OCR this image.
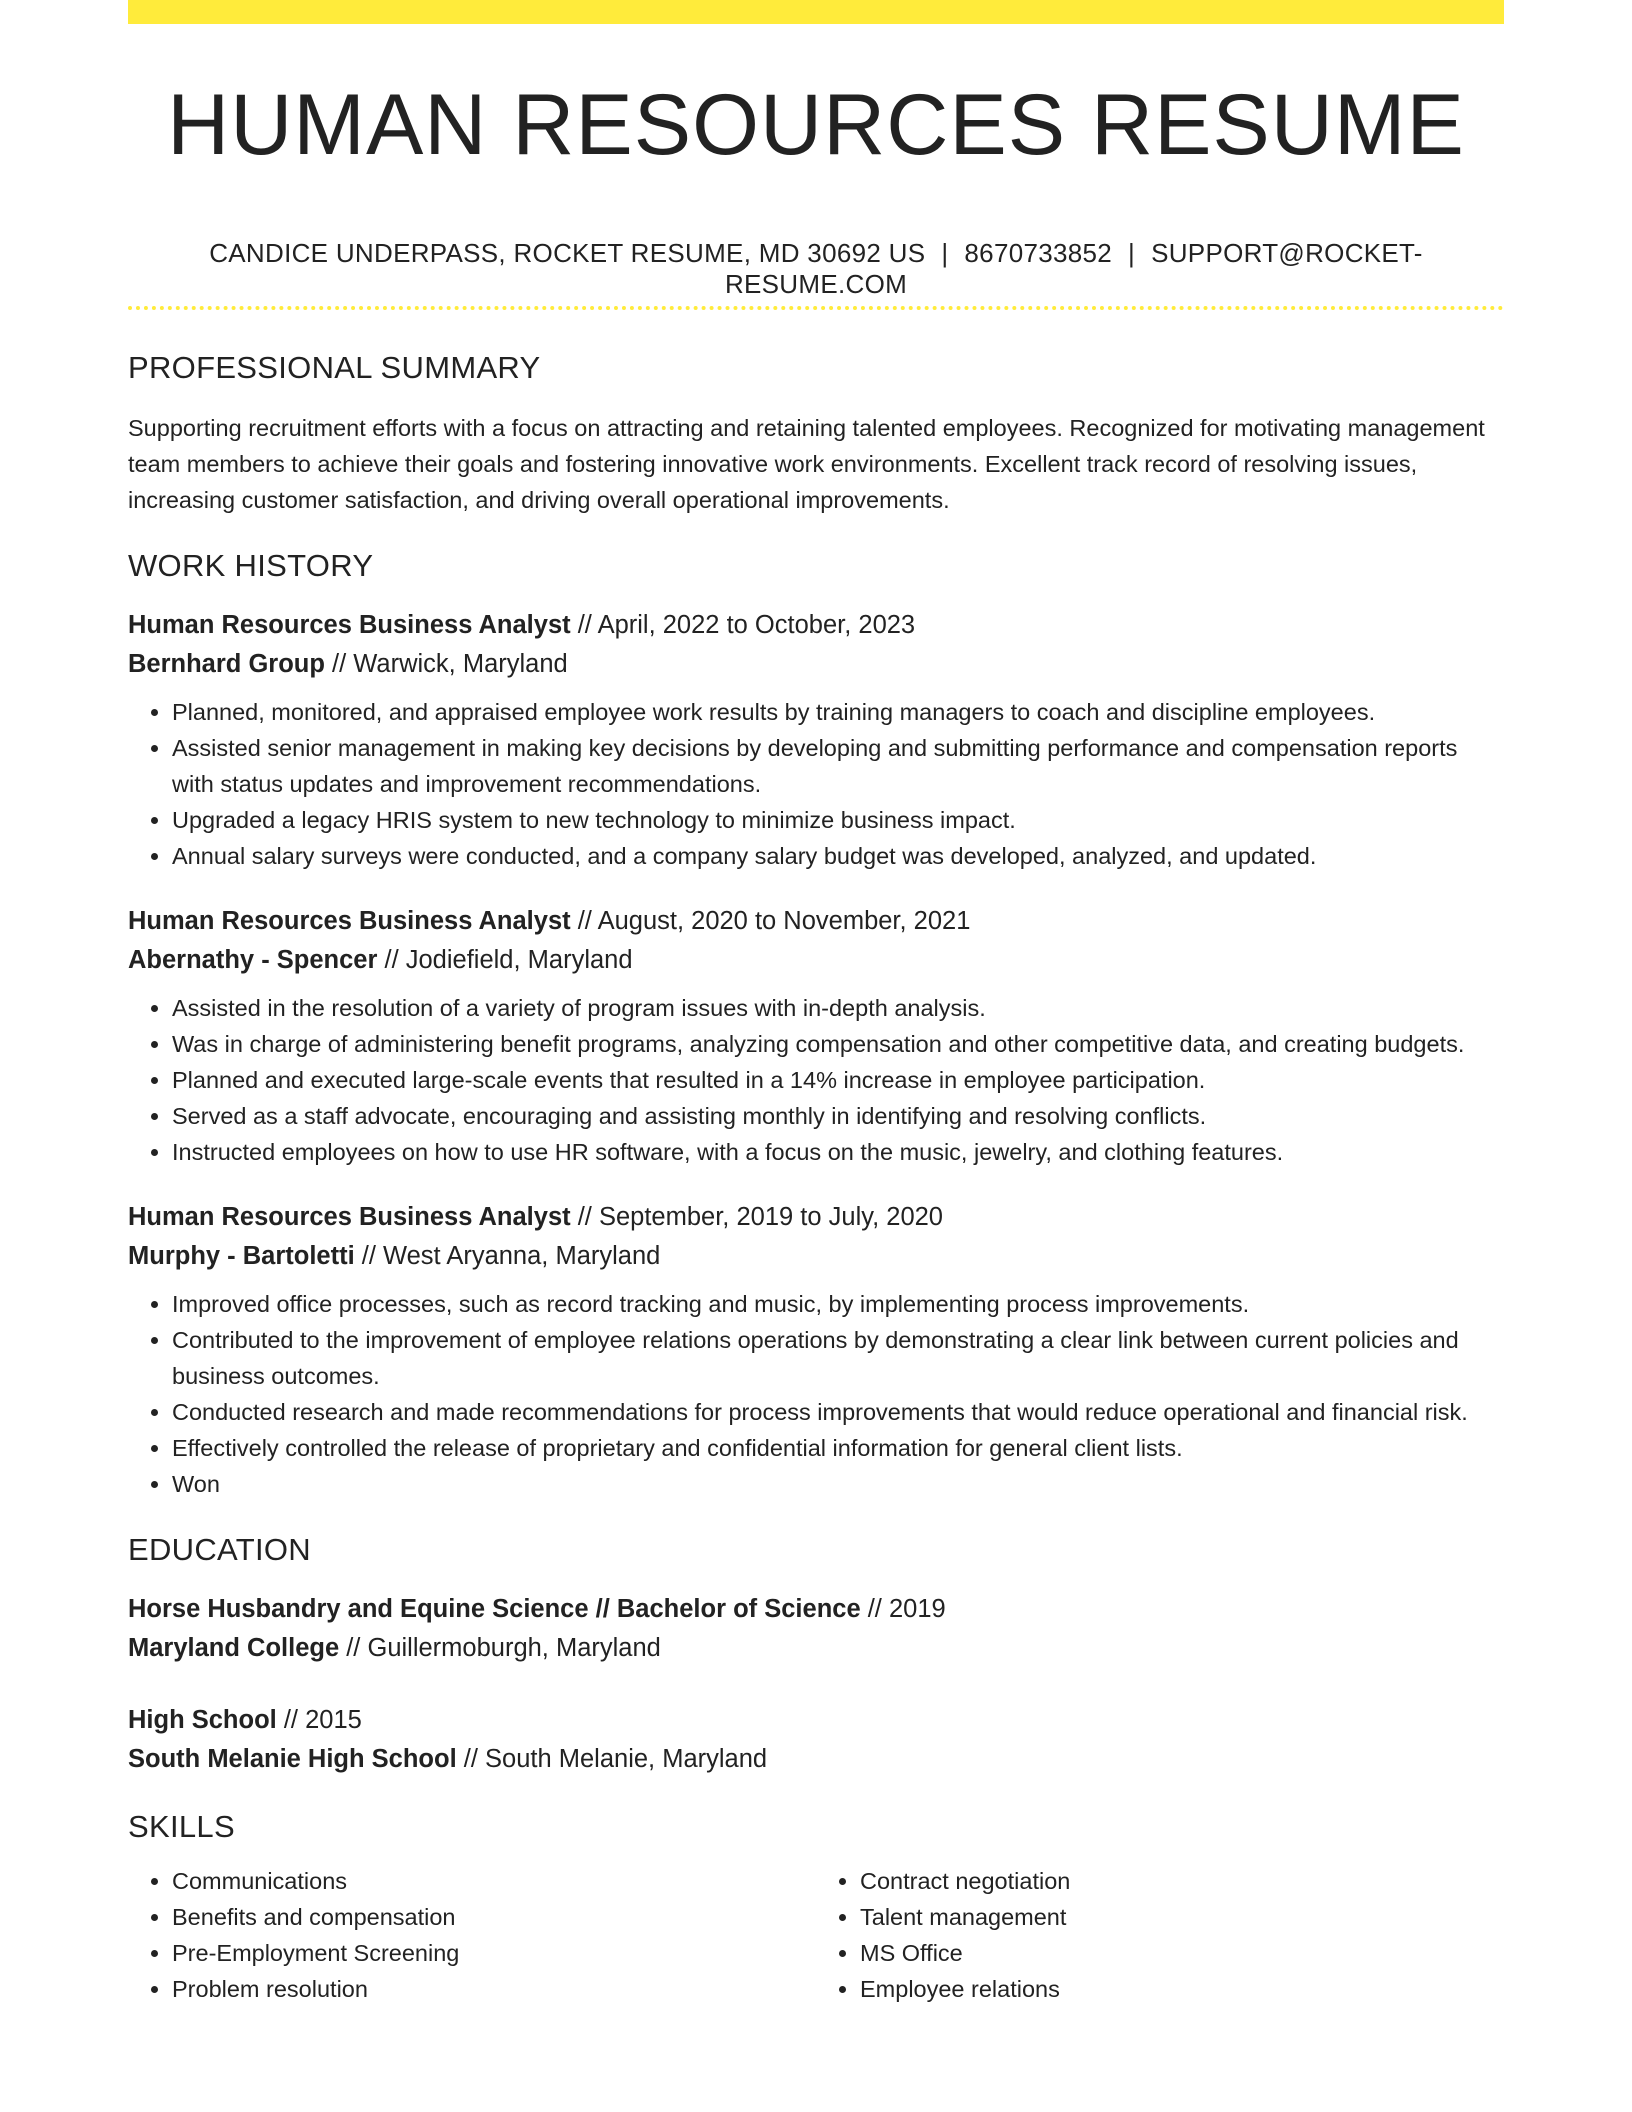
HUMAN RESOURCES RESUME
CANDICE UNDERPASS, ROCKET RESUME, MD 30692 US | 8670733852 | SUPPORT@ROCKET-RESUME.COM
PROFESSIONAL SUMMARY

Supporting recruitment efforts with a focus on attracting and retaining talented employees. Recognized for motivating management team members to achieve their goals and fostering innovative work environments. Excellent track record of resolving issues, increasing customer satisfaction, and driving overall operational improvements.

WORK HISTORY
Human Resources Business Analyst // April, 2022 to October, 2023
Bernhard Group // Warwick, Maryland
• Planned, monitored, and appraised employee work results by training managers to coach and discipline employees.
• Assisted senior management in making key decisions by developing and submitting performance and compensation reports with status updates and improvement recommendations.
• Upgraded a legacy HRIS system to new technology to minimize business impact.
• Annual salary surveys were conducted, and a company salary budget was developed, analyzed, and updated.
Human Resources Business Analyst // August, 2020 to November, 2021
Abernathy - Spencer // Jodiefield, Maryland
• Assisted in the resolution of a variety of program issues with in-depth analysis.
• Was in charge of administering benefit programs, analyzing compensation and other competitive data, and creating budgets.
• Planned and executed large-scale events that resulted in a 14% increase in employee participation.
• Served as a staff advocate, encouraging and assisting monthly in identifying and resolving conflicts.
• Instructed employees on how to use HR software, with a focus on the music, jewelry, and clothing features.
Human Resources Business Analyst // September, 2019 to July, 2020
Murphy - Bartoletti // West Aryanna, Maryland
• Improved office processes, such as record tracking and music, by implementing process improvements.
• Contributed to the improvement of employee relations operations by demonstrating a clear link between current policies and business outcomes.
• Conducted research and made recommendations for process improvements that would reduce operational and financial risk.
• Effectively controlled the release of proprietary and confidential information for general client lists.
• Won
EDUCATION
Horse Husbandry and Equine Science // Bachelor of Science // 2019
Maryland College // Guillermoburgh, Maryland
High School // 2015
South Melanie High School // South Melanie, Maryland
SKILLS
• Communications
• Benefits and compensation
• Pre-Employment Screening
• Problem resolution
• Contract negotiation
• Talent management
• MS Office
• Employee relations
